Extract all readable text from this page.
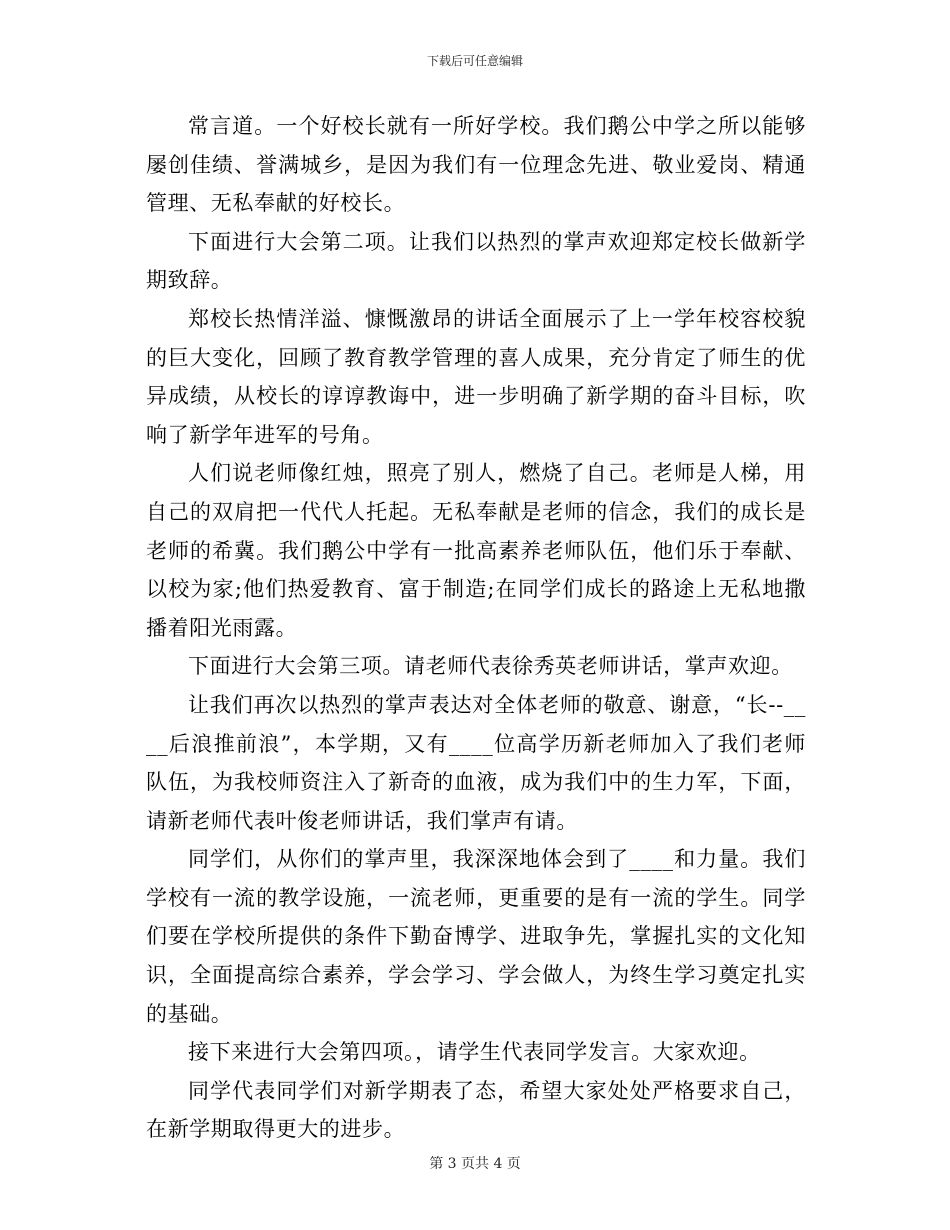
下载后可任意编辑

常言道。一个好校长就有一所好学校。我们鹅公中学之所以能够屡创佳绩、誉满城乡，是因为我们有一位理念先进、敬业爱岗、精通管理、无私奉献的好校长。

下面进行大会第二项。让我们以热烈的掌声欢迎郑定校长做新学期致辞。

郑校长热情洋溢、慷慨激昂的讲话全面展示了上一学年校容校貌的巨大变化，回顾了教育教学管理的喜人成果，充分肯定了师生的优异成绩，从校长的谆谆教诲中，进一步明确了新学期的奋斗目标，吹响了新学年进军的号角。

人们说老师像红烛，照亮了别人，燃烧了自己。老师是人梯，用自己的双肩把一代代人托起。无私奉献是老师的信念，我们的成长是老师的希冀。我们鹅公中学有一批高素养老师队伍，他们乐于奉献、以校为家;他们热爱教育、富于制造;在同学们成长的路途上无私地撒播着阳光雨露。

下面进行大会第三项。请老师代表徐秀英老师讲话，掌声欢迎。

让我们再次以热烈的掌声表达对全体老师的敬意、谢意，“长--____后浪推前浪”，本学期，又有____位高学历新老师加入了我们老师队伍，为我校师资注入了新奇的血液，成为我们中的生力军，下面，请新老师代表叶俊老师讲话，我们掌声有请。

同学们，从你们的掌声里，我深深地体会到了____和力量。我们学校有一流的教学设施，一流老师，更重要的是有一流的学生。同学们要在学校所提供的条件下勤奋博学、进取争先，掌握扎实的文化知识，全面提高综合素养，学会学习、学会做人，为终生学习奠定扎实的基础。

接下来进行大会第四项。，请学生代表同学发言。大家欢迎。

同学代表同学们对新学期表了态，希望大家处处严格要求自己，在新学期取得更大的进步。

第 3 页共 4 页
